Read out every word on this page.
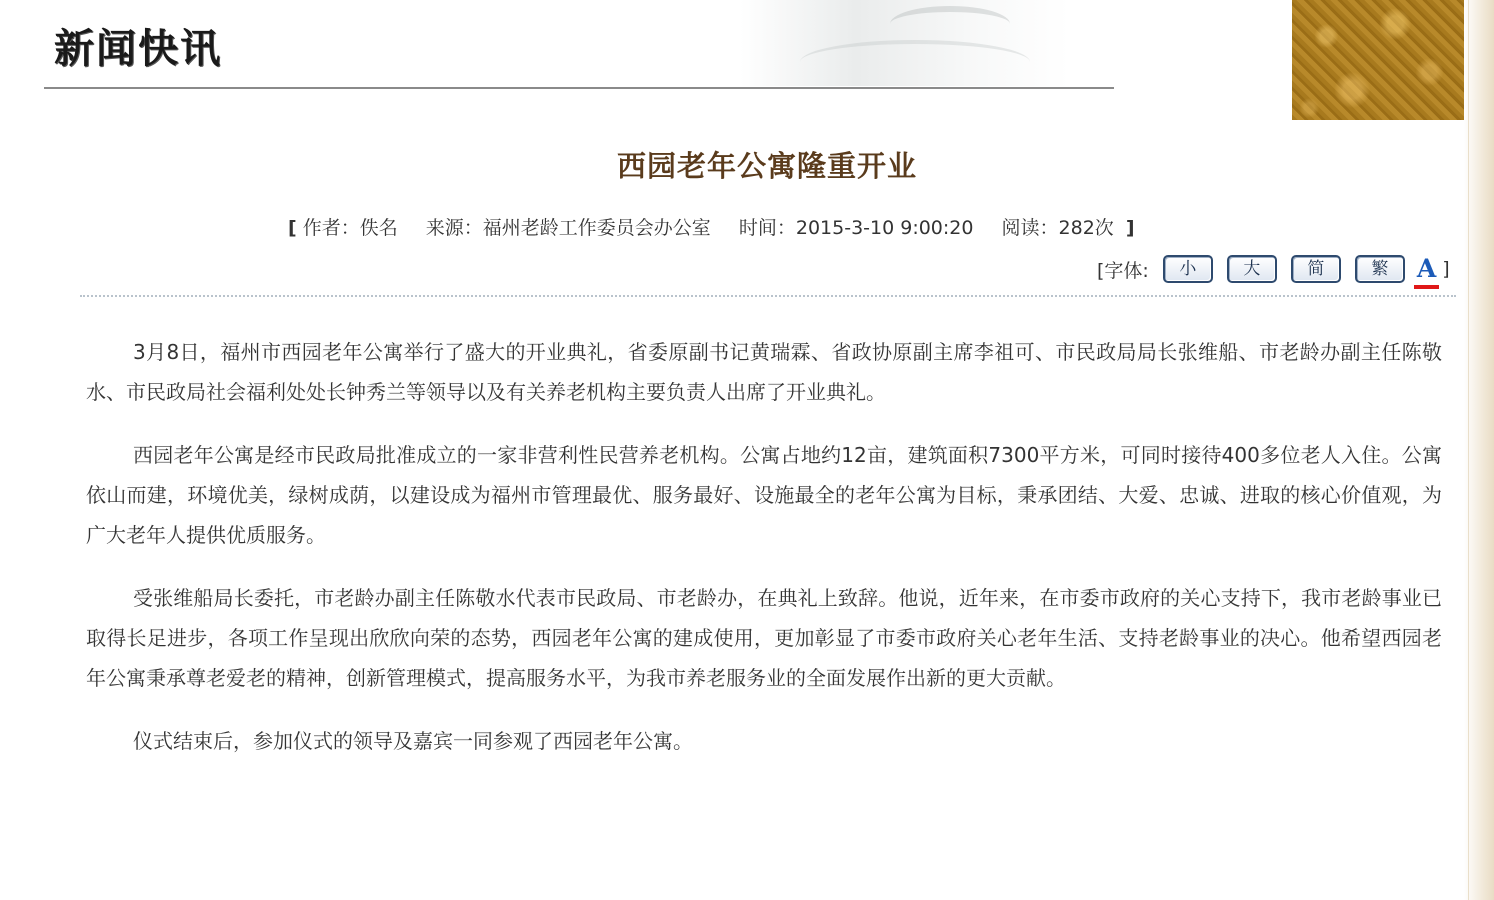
新闻快讯
西园老年公寓隆重开业
[ 作者：佚名 来源：福州老龄工作委员会办公室 时间：2015-3-10 9:00:20 阅读：282次 ]
[字体:	小	大	简	繁	A ]

3月8日，福州市西园老年公寓举行了盛大的开业典礼，省委原副书记黄瑞霖、省政协原副主席李祖可、市民政局局长张维船、市老龄办副主任陈敬水、市民政局社会福利处处长钟秀兰等领导以及有关养老机构主要负责人出席了开业典礼。

西园老年公寓是经市民政局批准成立的一家非营利性民营养老机构。公寓占地约12亩，建筑面积7300平方米，可同时接待400多位老人入住。公寓依山而建，环境优美，绿树成荫，以建设成为福州市管理最优、服务最好、设施最全的老年公寓为目标，秉承团结、大爱、忠诚、进取的核心价值观，为广大老年人提供优质服务。

受张维船局长委托，市老龄办副主任陈敬水代表市民政局、市老龄办，在典礼上致辞。他说，近年来，在市委市政府的关心支持下，我市老龄事业已取得长足进步，各项工作呈现出欣欣向荣的态势，西园老年公寓的建成使用，更加彰显了市委市政府关心老年生活、支持老龄事业的决心。他希望西园老年公寓秉承尊老爱老的精神，创新管理模式，提高服务水平，为我市养老服务业的全面发展作出新的更大贡献。

仪式结束后，参加仪式的领导及嘉宾一同参观了西园老年公寓。
